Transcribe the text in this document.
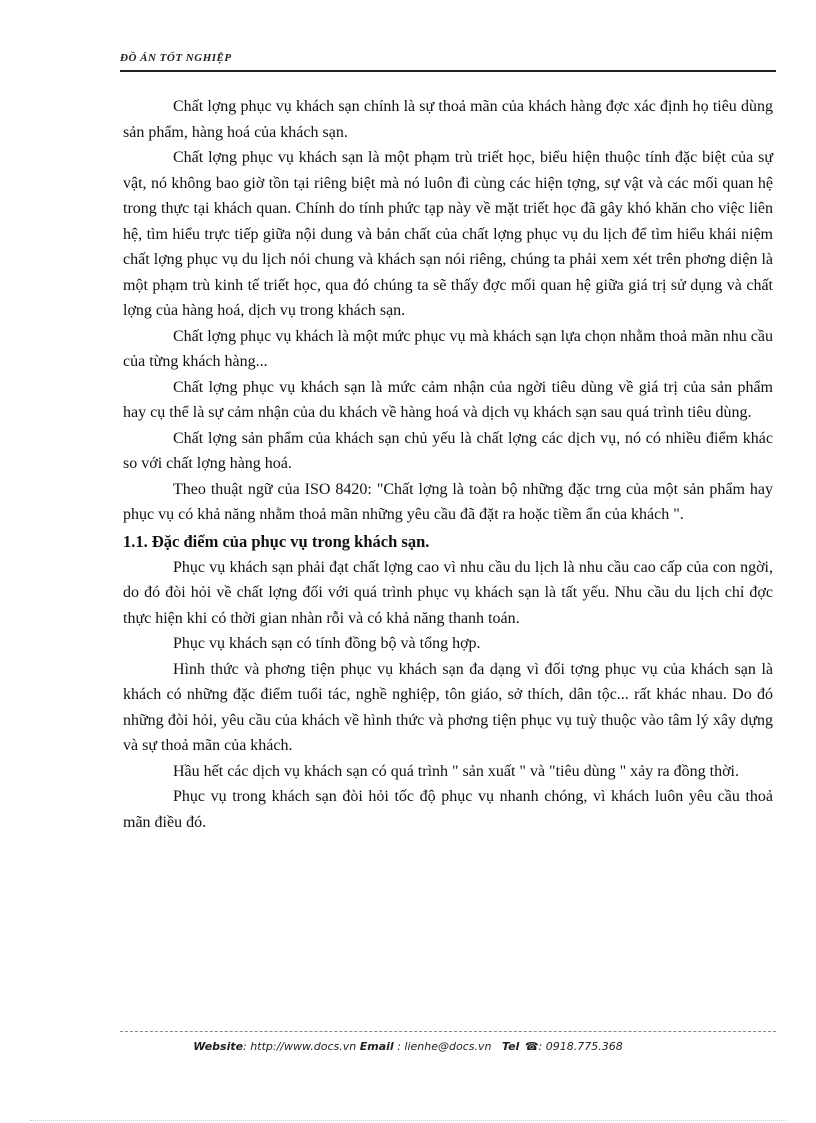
ĐỒ ÁN TỐT NGHIỆP

Chất lợng phục vụ khách sạn chính là sự thoả mãn của khách hàng đợc xác định họ tiêu dùng sản phẩm, hàng hoá của khách sạn.

Chất lợng phục vụ khách sạn là một phạm trù triết học, biểu hiện thuộc tính đặc biệt của sự vật, nó không bao giờ tồn tại riêng biệt mà nó luôn đi cùng các hiện tợng, sự vật và các mối quan hệ trong thực tại khách quan. Chính do tính phức tạp này về mặt triết học đã gây khó khăn cho việc liên hệ, tìm hiểu trực tiếp giữa nội dung và bản chất của chất lợng phục vụ du lịch để tìm hiểu khái niệm chất lợng phục vụ du lịch nói chung và khách sạn nói riêng, chúng ta phải xem xét trên phơng diện là một phạm trù kinh tế triết học, qua đó chúng ta sẽ thấy đợc mối quan hệ giữa giá trị sử dụng và chất lợng của hàng hoá, dịch vụ trong khách sạn.

Chất lợng phục vụ khách là một mức phục vụ mà khách sạn lựa chọn nhằm thoả mãn nhu cầu của từng khách hàng...

Chất lợng phục vụ khách sạn là mức cảm nhận của ngời tiêu dùng về giá trị của sản phẩm hay cụ thể là sự cảm nhận của du khách về hàng hoá và dịch vụ khách sạn sau quá trình tiêu dùng.

Chất lợng sản phẩm của khách sạn chủ yếu là chất lợng các dịch vụ, nó có nhiều điểm khác so với chất lợng hàng hoá.

Theo thuật ngữ của ISO 8420: "Chất lợng là toàn bộ những đặc trng của một sản phẩm hay phục vụ có khả năng nhằm thoả mãn những yêu cầu đã đặt ra hoặc tiềm ẩn của khách ".

1.1. Đặc điểm của phục vụ trong khách sạn.

Phục vụ khách sạn phải đạt chất lợng cao vì nhu cầu du lịch là nhu cầu cao cấp của con ngời, do đó đòi hỏi về chất lợng đối với quá trình phục vụ khách sạn là tất yếu. Nhu cầu du lịch chỉ đợc thực hiện khi có thời gian nhàn rỗi và có khả năng thanh toán.

Phục vụ khách sạn có tính đồng bộ và tổng hợp.

Hình thức và phơng tiện phục vụ khách sạn đa dạng vì đối tợng phục vụ của khách sạn là khách có những đặc điểm tuổi tác, nghề nghiệp, tôn giáo, sở thích, dân tộc... rất khác nhau. Do đó những đòi hỏi, yêu cầu của khách về hình thức và phơng tiện phục vụ tuỳ thuộc vào tâm lý xây dựng và sự thoả mãn của khách.

Hầu hết các dịch vụ khách sạn có quá trình " sản xuất " và "tiêu dùng " xảy ra đồng thời.

Phục vụ trong khách sạn đòi hỏi tốc độ phục vụ nhanh chóng, vì khách luôn yêu cầu thoả mãn điều đó.

Website: http://www.docs.vn Email : lienhe@docs.vn Tel ☎: 0918.775.368
